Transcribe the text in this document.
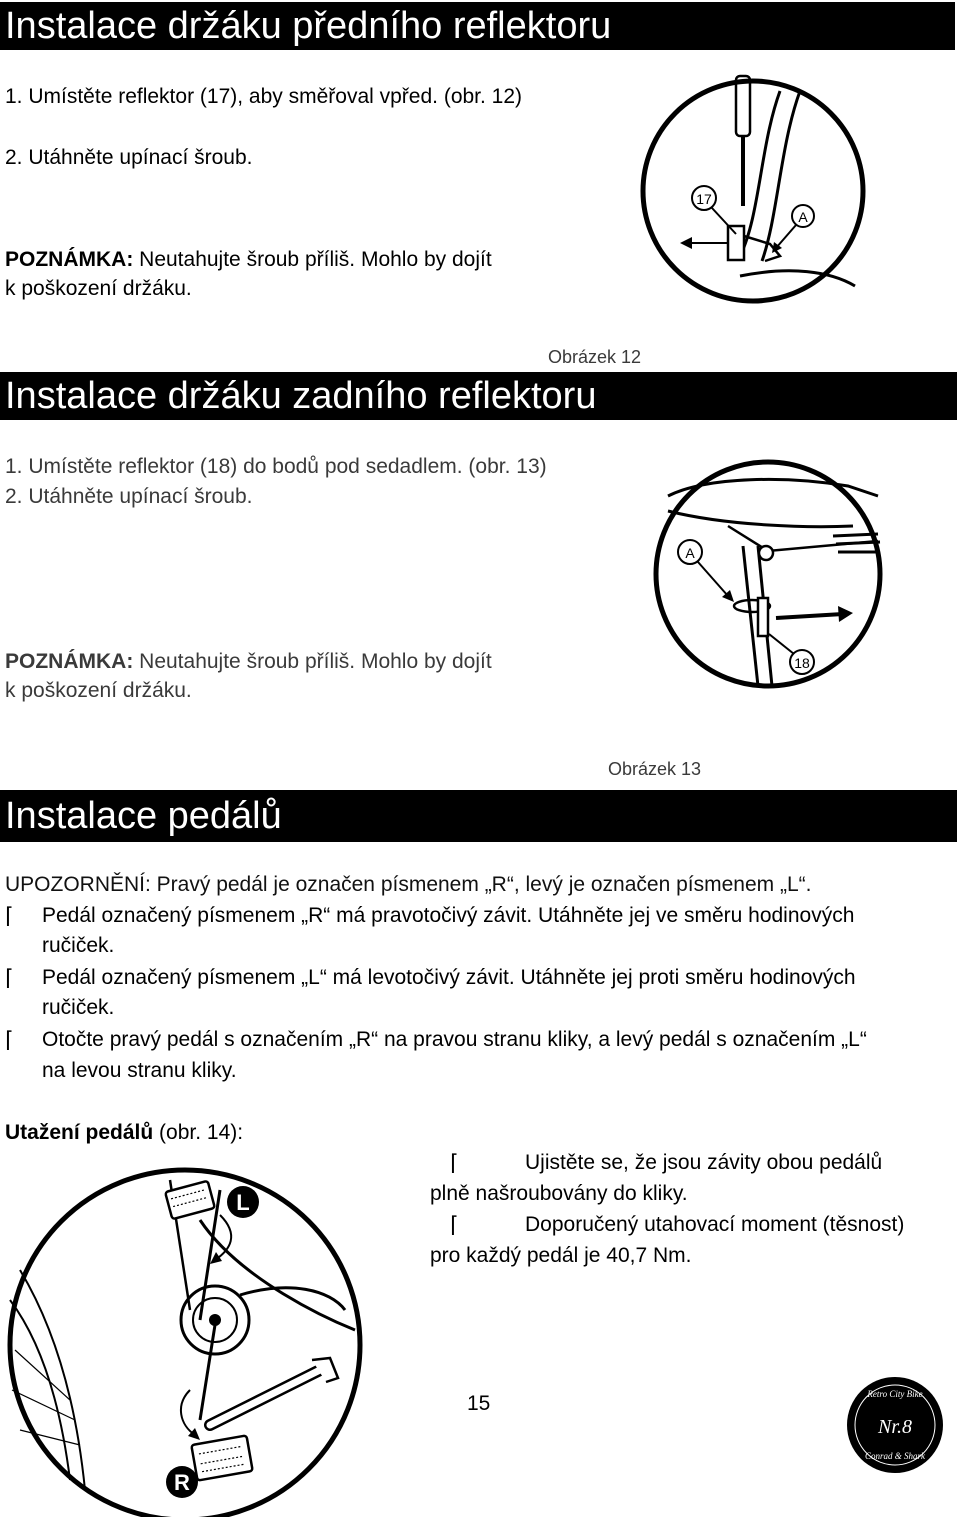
Instalace držáku předního reflektoru
1. Umístěte reflektor (17), aby směřoval vpřed. (obr. 12)
2. Utáhněte upínací šroub.
POZNÁMKA: Neutahujte šroub příliš. Mohlo by dojít
k poškození držáku.
17
A
Obrázek 12
Instalace držáku zadního reflektoru
1. Umístěte reflektor (18) do bodů pod sedadlem. (obr. 13)
2. Utáhněte upínací šroub.
POZNÁMKA: Neutahujte šroub příliš. Mohlo by dojít
k poškození držáku.
A
18
Obrázek 13
Instalace pedálů
UPOZORNĚNÍ: Pravý pedál je označen písmenem „R“, levý je označen písmenem „L“.
⌈ Pedál označený písmenem „R“ má pravotočivý závit. Utáhněte jej ve směru hodinových
ručiček.
⌈ Pedál označený písmenem „L“ má levotočivý závit. Utáhněte jej proti směru hodinových
ručiček.
⌈ Otočte pravý pedál s označením „R“ na pravou stranu kliky, a levý pedál s označením „L“
na levou stranu kliky.
Utažení pedálů (obr. 14):
⌈	Ujistěte se, že jsou závity obou pedálů
plně našroubovány do kliky.
⌈	Doporučený utahovací moment (těsnost)
pro každý pedál je 40,7 Nm.
L
R
15	Retro City Bike
Nr.8
Conrad & Shark
